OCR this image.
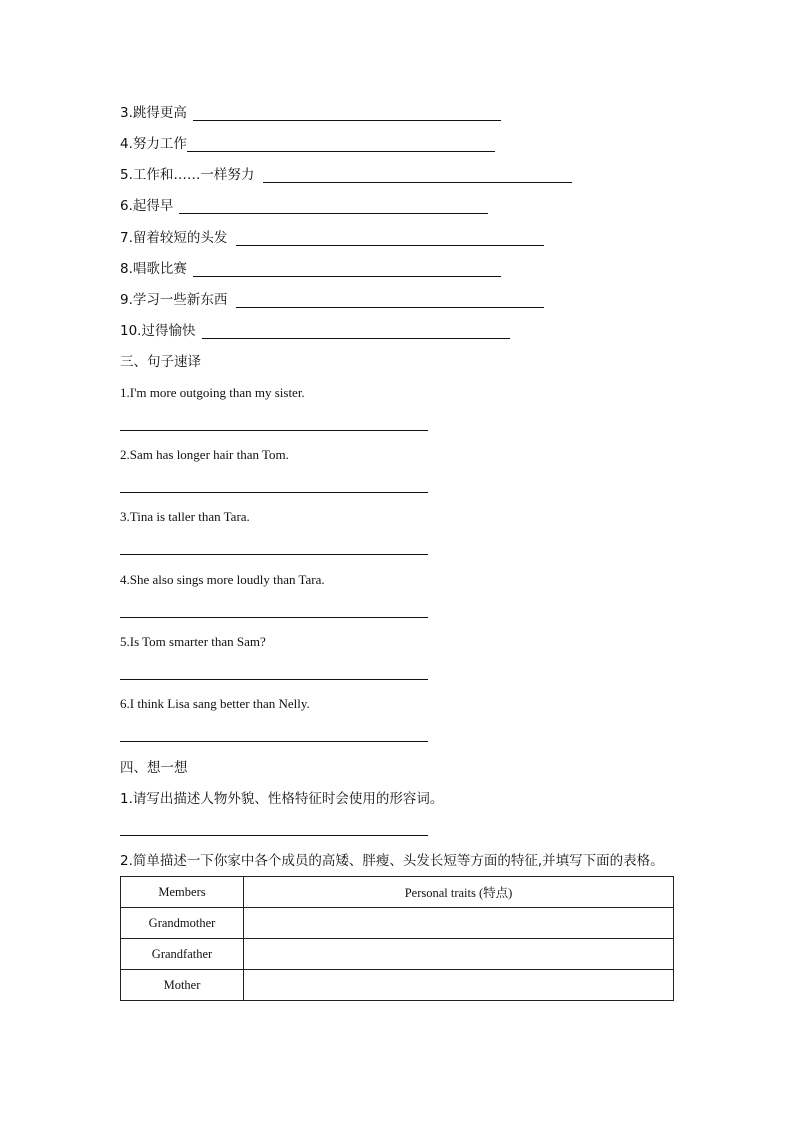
3.跳得更高
4.努力工作
5.工作和……一样努力
6.起得早
7.留着较短的头发
8.唱歌比赛
9.学习一些新东西
10.过得愉快
三、句子速译
1.I'm more outgoing than my sister.
2.Sam has longer hair than Tom.
3.Tina is taller than Tara.
4.She also sings more loudly than Tara.
5.Is Tom smarter than Sam?
6.I think Lisa sang better than Nelly.
四、想一想
1.请写出描述人物外貌、性格特征时会使用的形容词。
2.简单描述一下你家中各个成员的高矮、胖瘦、头发长短等方面的特征,并填写下面的表格。
Members	Personal traits (特点)
Grandmother	
Grandfather	
Mother	
